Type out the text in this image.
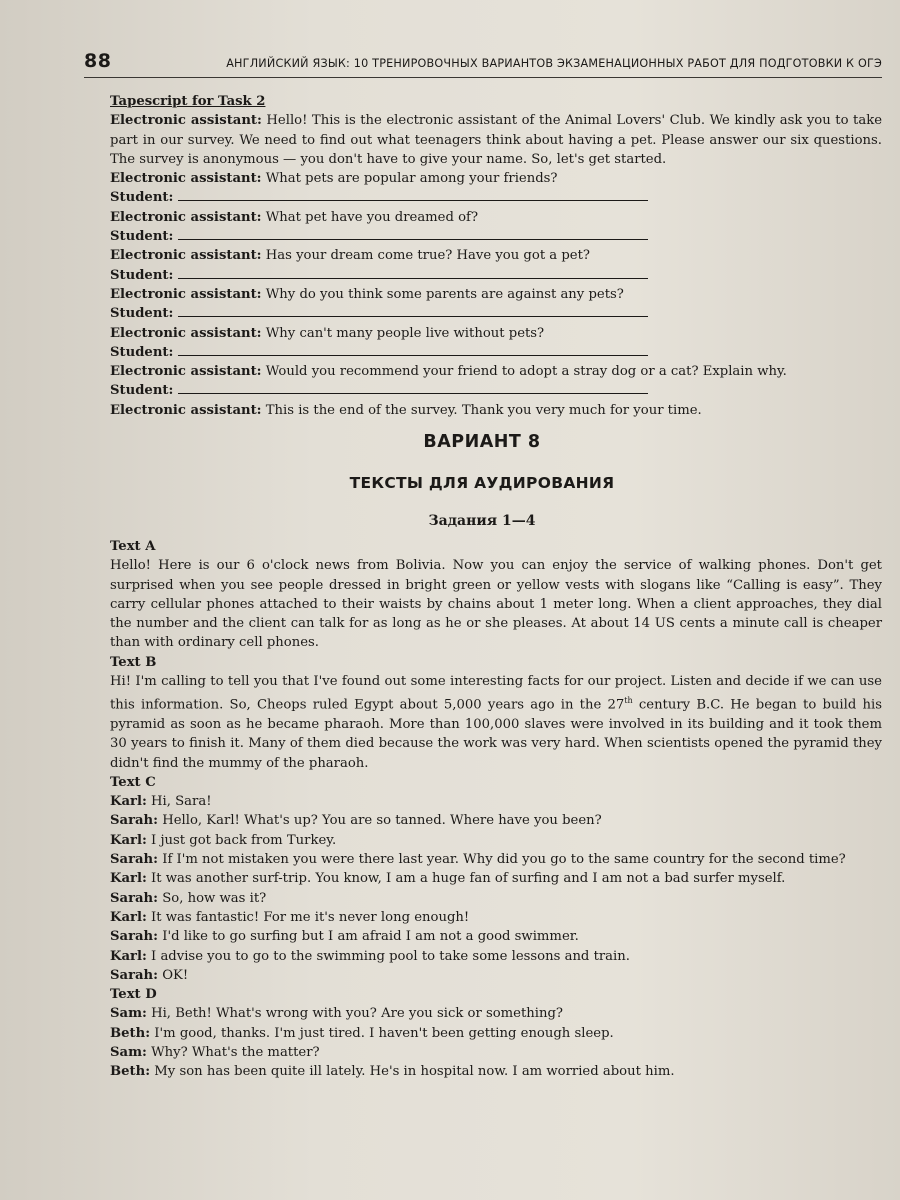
88	АНГЛИЙСКИЙ ЯЗЫК: 10 ТРЕНИРОВОЧНЫХ ВАРИАНТОВ ЭКЗАМЕНАЦИОННЫХ РАБОТ ДЛЯ ПОДГОТОВКИ К ОГЭ

Tapescript for Task 2

Electronic assistant: Hello! This is the electronic assistant of the Animal Lovers' Club. We kindly ask you to take part in our survey. We need to find out what teenagers think about having a pet. Please answer our six questions. The survey is anonymous — you don't have to give your name. So, let's get started.

Electronic assistant: What pets are popular among your friends?

Student:

Electronic assistant: What pet have you dreamed of?

Student:

Electronic assistant: Has your dream come true? Have you got a pet?

Student:

Electronic assistant: Why do you think some parents are against any pets?

Student:

Electronic assistant: Why can't many people live without pets?

Student:

Electronic assistant: Would you recommend your friend to adopt a stray dog or a cat? Explain why.

Student:

Electronic assistant: This is the end of the survey. Thank you very much for your time.

ВАРИАНТ 8
ТЕКСТЫ ДЛЯ АУДИРОВАНИЯ
Задания 1—4

Text A

Hello! Here is our 6 o'clock news from Bolivia. Now you can enjoy the service of walking phones. Don't get surprised when you see people dressed in bright green or yellow vests with slogans like “Calling is easy”. They carry cellular phones attached to their waists by chains about 1 meter long. When a client approaches, they dial the number and the client can talk for as long as he or she pleases. At about 14 US cents a minute call is cheaper than with ordinary cell phones.

Text B

Hi! I'm calling to tell you that I've found out some interesting facts for our project. Listen and decide if we can use this information. So, Cheops ruled Egypt about 5,000 years ago in the 27th century B.C. He began to build his pyramid as soon as he became pharaoh. More than 100,000 slaves were involved in its building and it took them 30 years to finish it. Many of them died because the work was very hard. When scientists opened the pyramid they didn't find the mummy of the pharaoh.

Text C

Karl: Hi, Sara!

Sarah: Hello, Karl! What's up? You are so tanned. Where have you been?

Karl: I just got back from Turkey.

Sarah: If I'm not mistaken you were there last year. Why did you go to the same country for the second time?

Karl: It was another surf-trip. You know, I am a huge fan of surfing and I am not a bad surfer myself.

Sarah: So, how was it?

Karl: It was fantastic! For me it's never long enough!

Sarah: I'd like to go surfing but I am afraid I am not a good swimmer.

Karl: I advise you to go to the swimming pool to take some lessons and train.

Sarah: OK!

Text D

Sam: Hi, Beth! What's wrong with you? Are you sick or something?

Beth: I'm good, thanks. I'm just tired. I haven't been getting enough sleep.

Sam: Why? What's the matter?

Beth: My son has been quite ill lately. He's in hospital now. I am worried about him.
